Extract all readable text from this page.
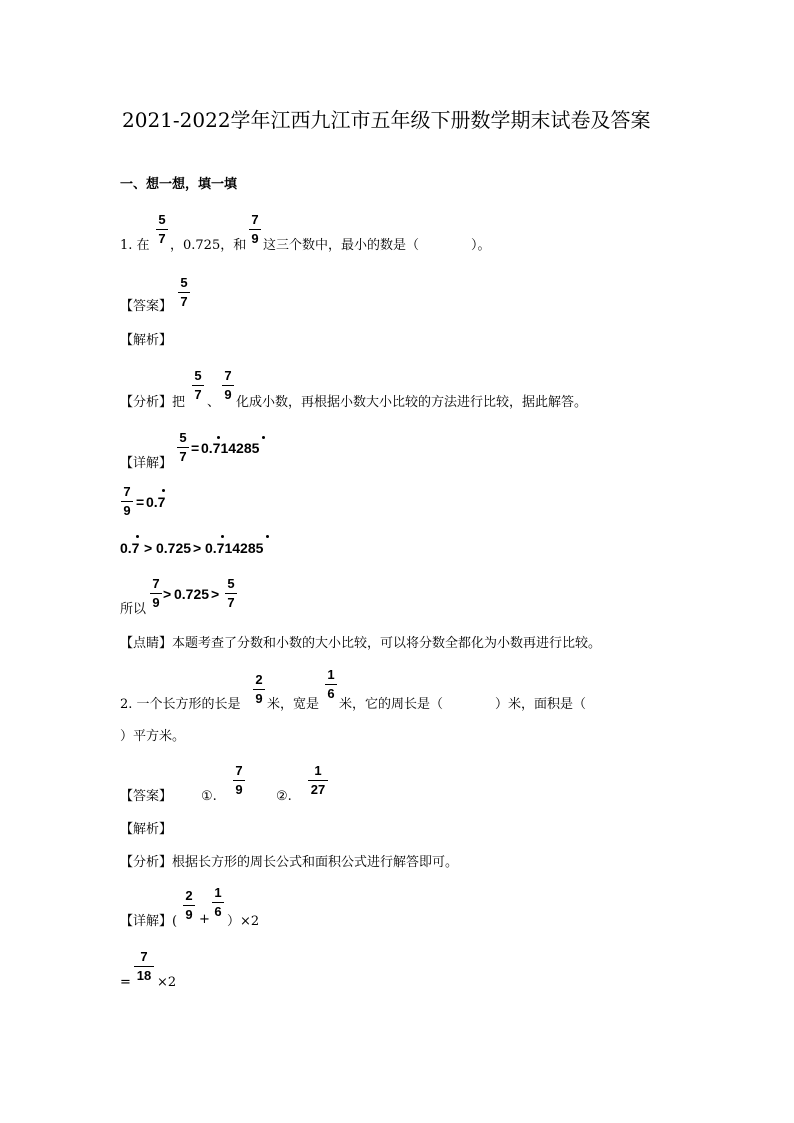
2021-2022学年江西九江市五年级下册数学期末试卷及答案
一、想一想，填一填
1. 在
5
7 ，0.725，和
7
9 这三个数中，最小的数是（　　　　）。
【答案】
5
7
【解析】
【分析】把
5
7
、
7
9
化成小数，再根据小数大小比较的方法进行比较，据此解答。
【详解】
5
7
= 0.714285
7
9
= 0.7
0.7 > 0.725 > 0.714285
所以
7
9
> 0.725 >
5
7
【点睛】本题考查了分数和小数的大小比较，可以将分数全都化为小数再进行比较。
2. 一个长方形的长是
2
9 米，宽是
1
6
米，它的周长是（　　　　）米，面积是（
）平方米。
【答案】 ①.
7
9	②.
1
27
【解析】
【分析】根据长方形的周长公式和面积公式进行解答即可。
【详解】(
2
9 +
1
6
）×2
=
7
18 ×2
